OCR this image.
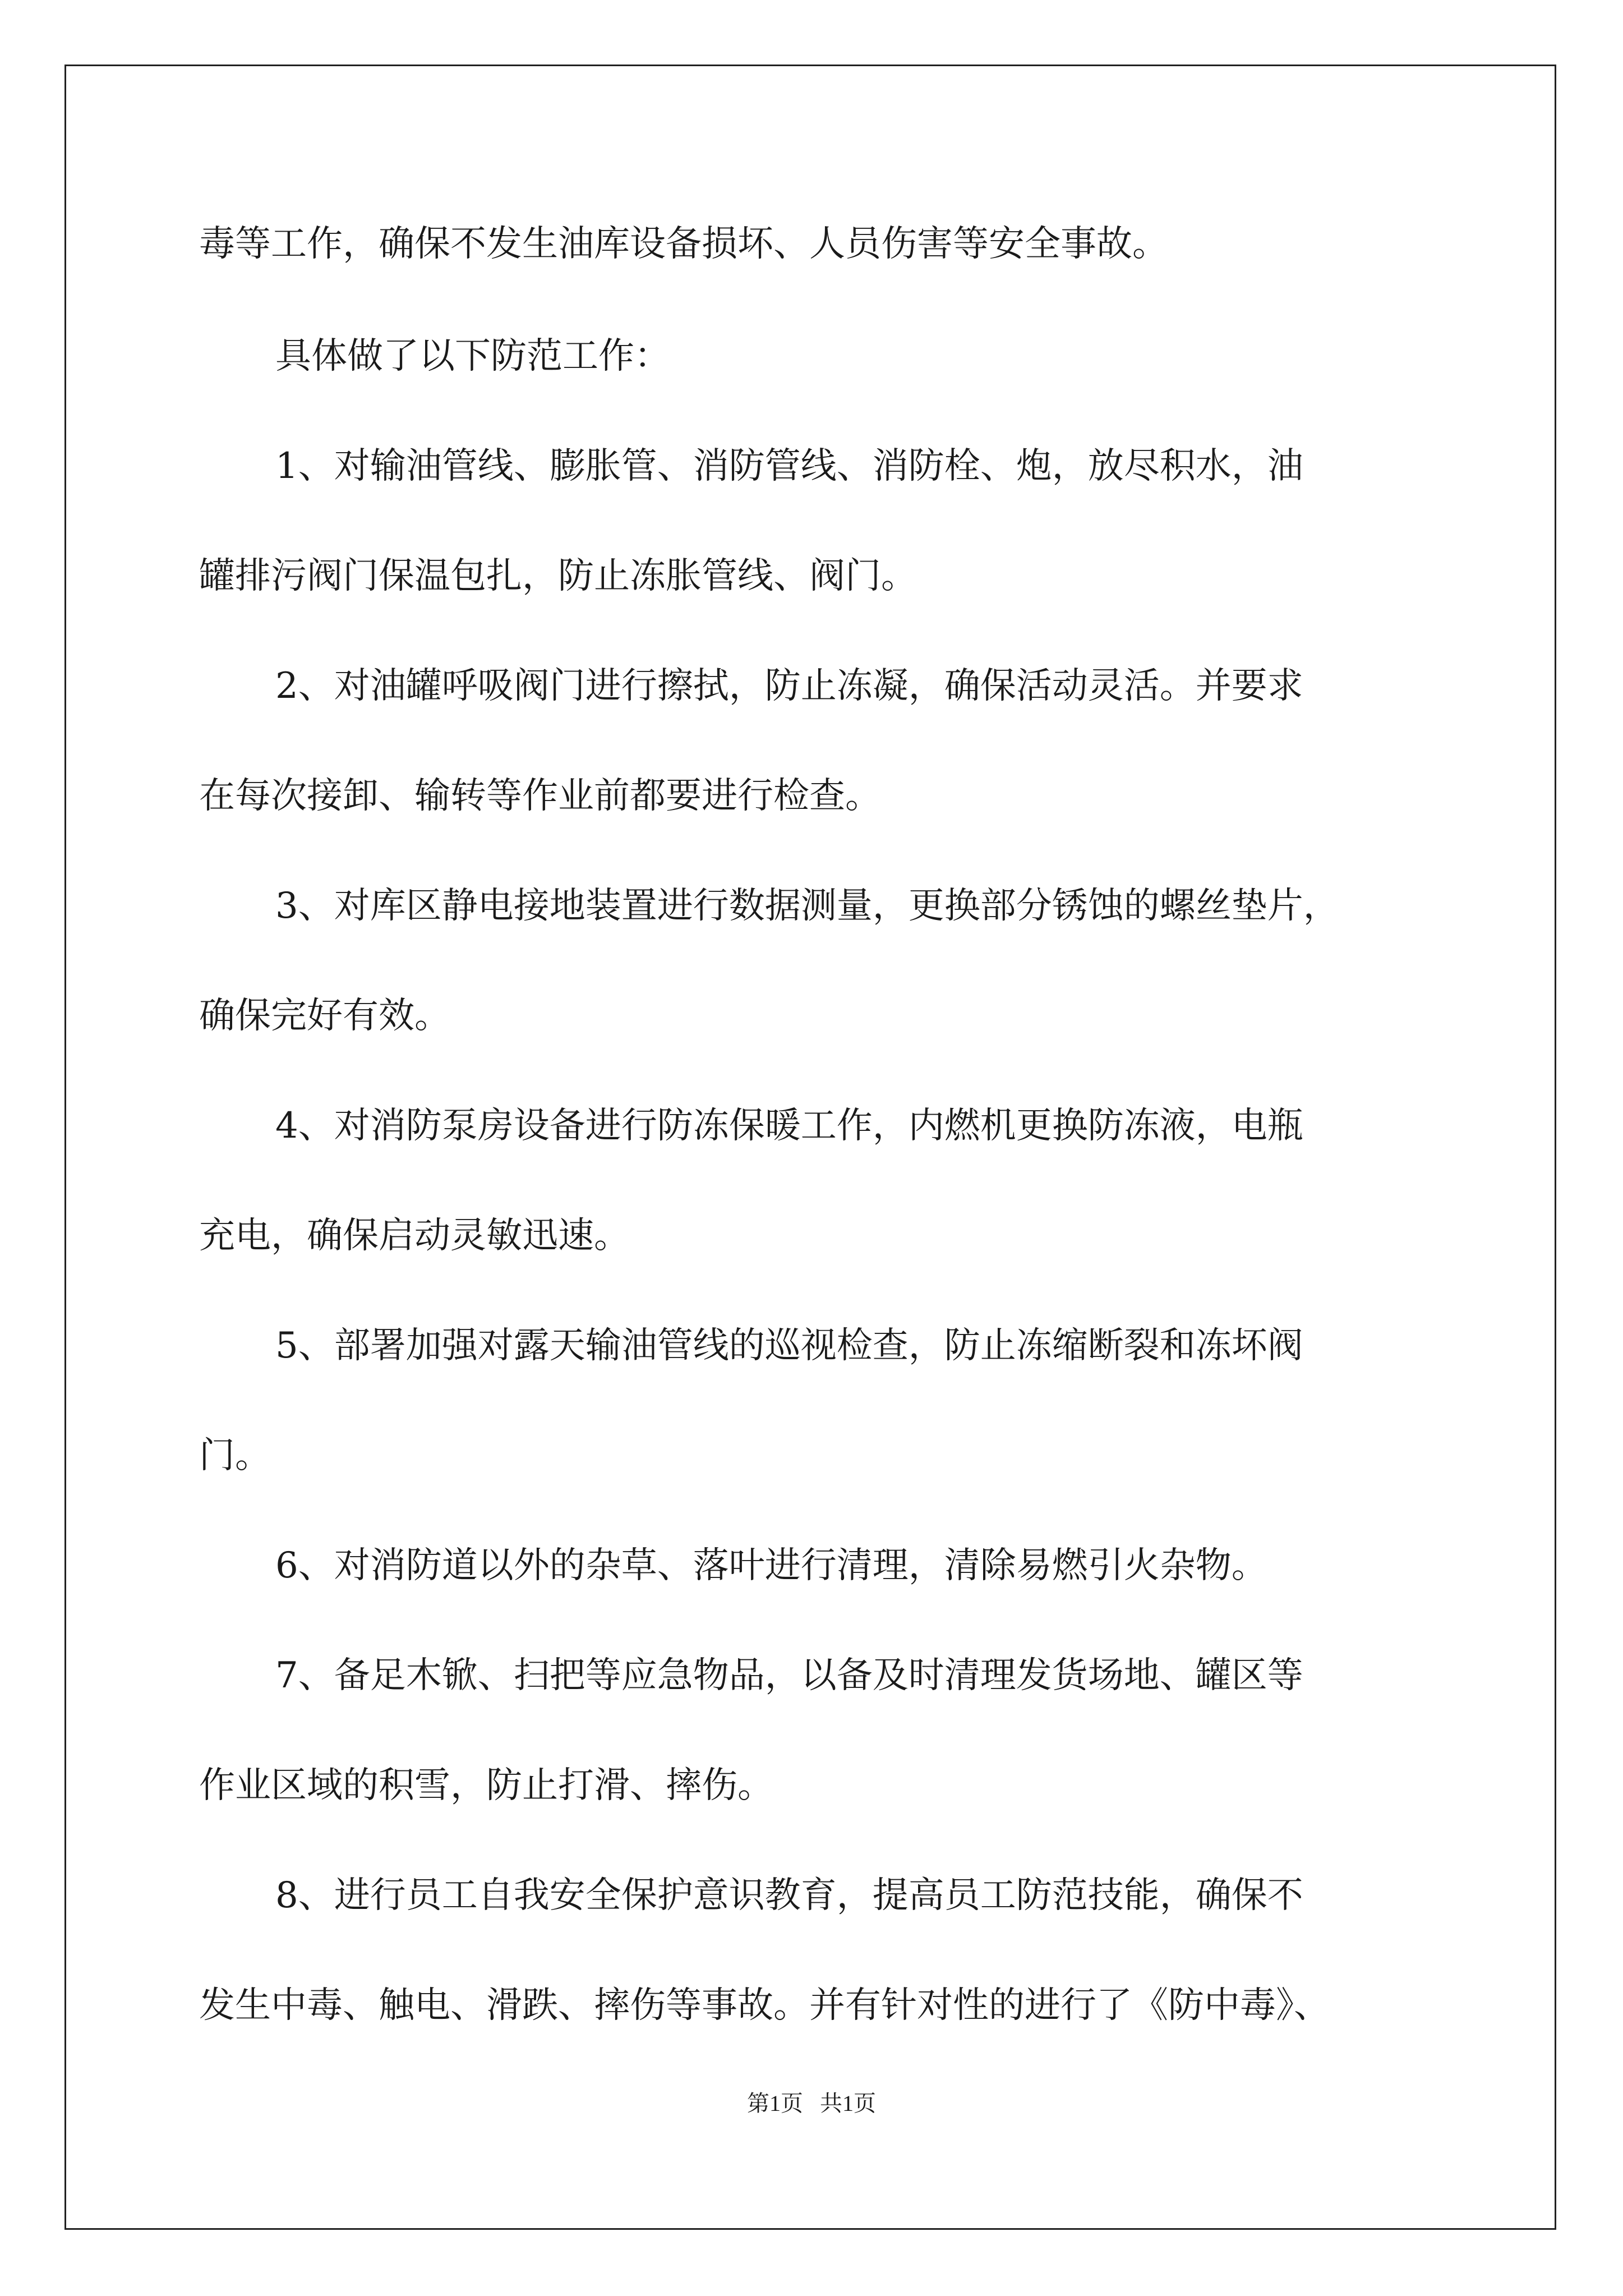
毒等工作，确保不发生油库设备损坏、人员伤害等安全事故。
具体做了以下防范工作：
1、对输油管线、膨胀管、消防管线、消防栓、炮，放尽积水，油
罐排污阀门保温包扎，防止冻胀管线、阀门。
2、对油罐呼吸阀门进行擦拭，防止冻凝，确保活动灵活。并要求
在每次接卸、输转等作业前都要进行检查。
3、对库区静电接地装置进行数据测量，更换部分锈蚀的螺丝垫片，
确保完好有效。
4、对消防泵房设备进行防冻保暖工作，内燃机更换防冻液，电瓶
充电，确保启动灵敏迅速。
5、部署加强对露天输油管线的巡视检查，防止冻缩断裂和冻坏阀
门。
6、对消防道以外的杂草、落叶进行清理，清除易燃引火杂物。
7、备足木锨、扫把等应急物品，以备及时清理发货场地、罐区等
作业区域的积雪，防止打滑、摔伤。
8、进行员工自我安全保护意识教育，提高员工防范技能，确保不
发生中毒、触电、滑跌、摔伤等事故。并有针对性的进行了《防中毒》、
第1页   共1页
